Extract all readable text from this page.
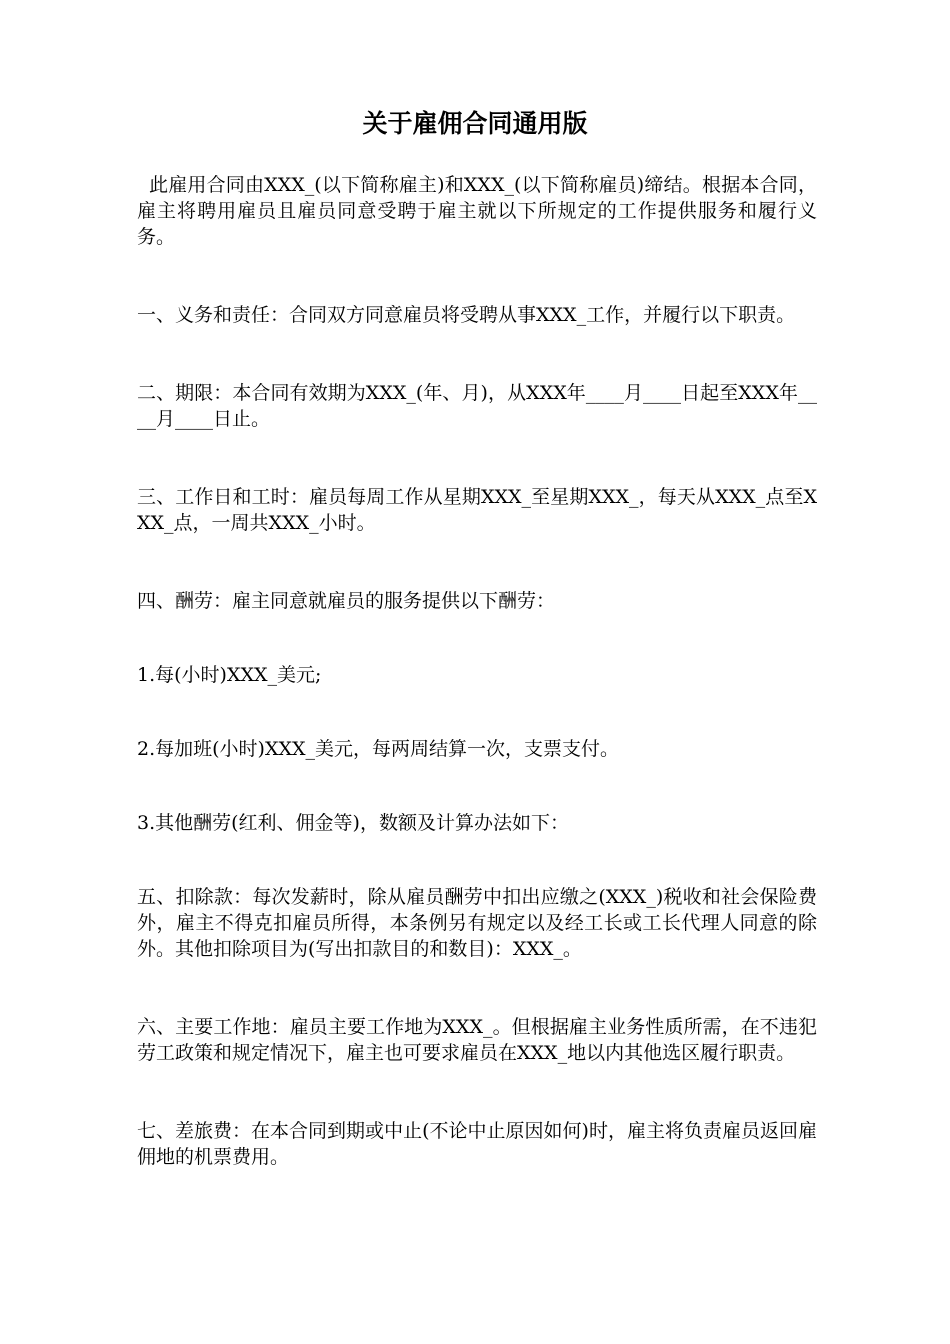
关于雇佣合同通用版

此雇用合同由XXX_(以下简称雇主)和XXX_(以下简称雇员)缔结。根据本合同，雇主将聘用雇员且雇员同意受聘于雇主就以下所规定的工作提供服务和履行义务。

一、义务和责任：合同双方同意雇员将受聘从事XXX_工作，并履行以下职责。

二、期限：本合同有效期为XXX_(年、月)，从XXX年____月____日起至XXX年____月____日止。

三、工作日和工时：雇员每周工作从星期XXX_至星期XXX_，每天从XXX_点至XXX_点，一周共XXX_小时。

四、酬劳：雇主同意就雇员的服务提供以下酬劳：

1.每(小时)XXX_美元;

2.每加班(小时)XXX_美元，每两周结算一次，支票支付。

3.其他酬劳(红利、佣金等)，数额及计算办法如下：

五、扣除款：每次发薪时，除从雇员酬劳中扣出应缴之(XXX_)税收和社会保险费外，雇主不得克扣雇员所得，本条例另有规定以及经工长或工长代理人同意的除外。其他扣除项目为(写出扣款目的和数目)：XXX_。

六、主要工作地：雇员主要工作地为XXX_。但根据雇主业务性质所需，在不违犯劳工政策和规定情况下，雇主也可要求雇员在XXX_地以内其他选区履行职责。

七、差旅费：在本合同到期或中止(不论中止原因如何)时，雇主将负责雇员返回雇佣地的机票费用。
